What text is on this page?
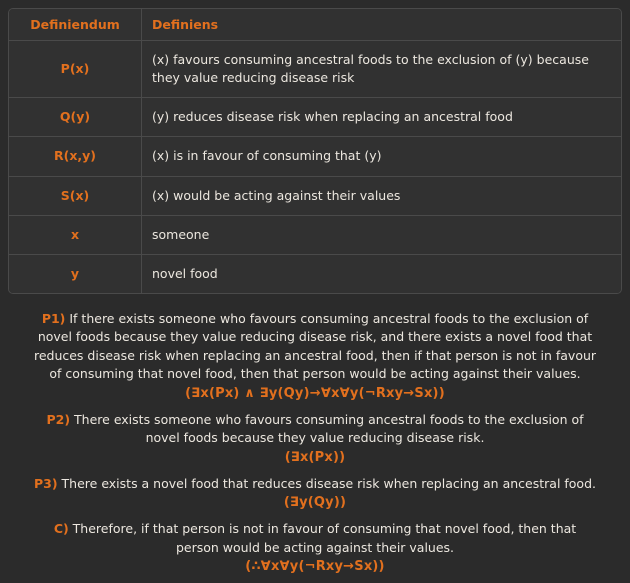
Definiendum	Definiens
P(x)	(x) favours consuming ancestral foods to the exclusion of (y) because they value reducing disease risk
Q(y)	(y) reduces disease risk when replacing an ancestral food
R(x,y)	(x) is in favour of consuming that (y)
S(x)	(x) would be acting against their values
x	someone
y	novel food

P1) If there exists someone who favours consuming ancestral foods to the exclusion of novel foods because they value reducing disease risk, and there exists a novel food that reduces disease risk when replacing an ancestral food, then if that person is not in favour of consuming that novel food, then that person would be acting against their values.

(∃x(Px) ∧ ∃y(Qy)→∀x∀y(¬Rxy→Sx))

P2) There exists someone who favours consuming ancestral foods to the exclusion of novel foods because they value reducing disease risk.

(∃x(Px))

P3) There exists a novel food that reduces disease risk when replacing an ancestral food.

(∃y(Qy))

C) Therefore, if that person is not in favour of consuming that novel food, then that person would be acting against their values.

(∴∀x∀y(¬Rxy→Sx))
